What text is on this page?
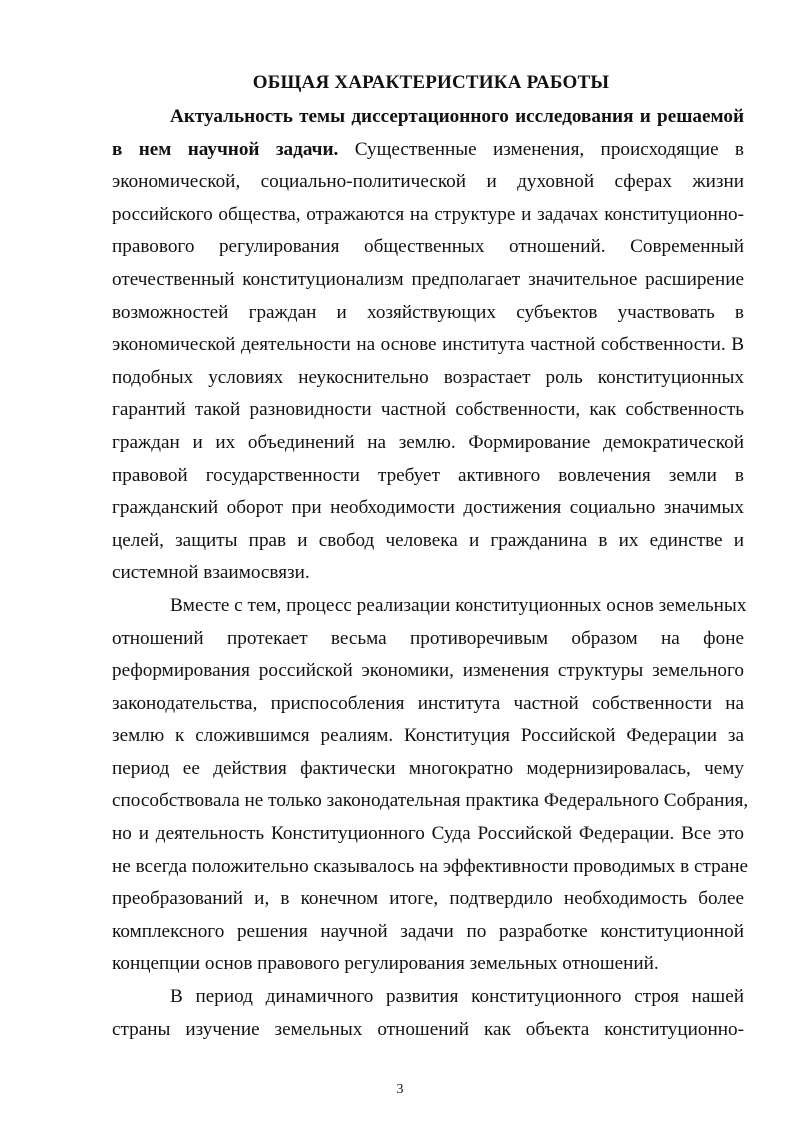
ОБЩАЯ ХАРАКТЕРИСТИКА РАБОТЫ
Актуальность темы диссертационного исследования и решаемой
в нем научной задачи. Существенные изменения, происходящие в
экономической, социально-политической и духовной сферах жизни
российского общества, отражаются на структуре и задачах конституционно-
правового регулирования общественных отношений. Современный
отечественный конституционализм предполагает значительное расширение
возможностей граждан и хозяйствующих субъектов участвовать в
экономической деятельности на основе института частной собственности. В
подобных условиях неукоснительно возрастает роль конституционных
гарантий такой разновидности частной собственности, как собственность
граждан и их объединений на землю. Формирование демократической
правовой государственности требует активного вовлечения земли в
гражданский оборот при необходимости достижения социально значимых
целей, защиты прав и свобод человека и гражданина в их единстве и
системной взаимосвязи.
Вместе с тем, процесс реализации конституционных основ земельных
отношений протекает весьма противоречивым образом на фоне
реформирования российской экономики, изменения структуры земельного
законодательства, приспособления института частной собственности на
землю к сложившимся реалиям. Конституция Российской Федерации за
период ее действия фактически многократно модернизировалась, чему
способствовала не только законодательная практика Федерального Собрания,
но и деятельность Конституционного Суда Российской Федерации. Все это
не всегда положительно сказывалось на эффективности проводимых в стране
преобразований и, в конечном итоге, подтвердило необходимость более
комплексного решения научной задачи по разработке конституционной
концепции основ правового регулирования земельных отношений.
В период динамичного развития конституционного строя нашей
страны изучение земельных отношений как объекта конституционно-
3
